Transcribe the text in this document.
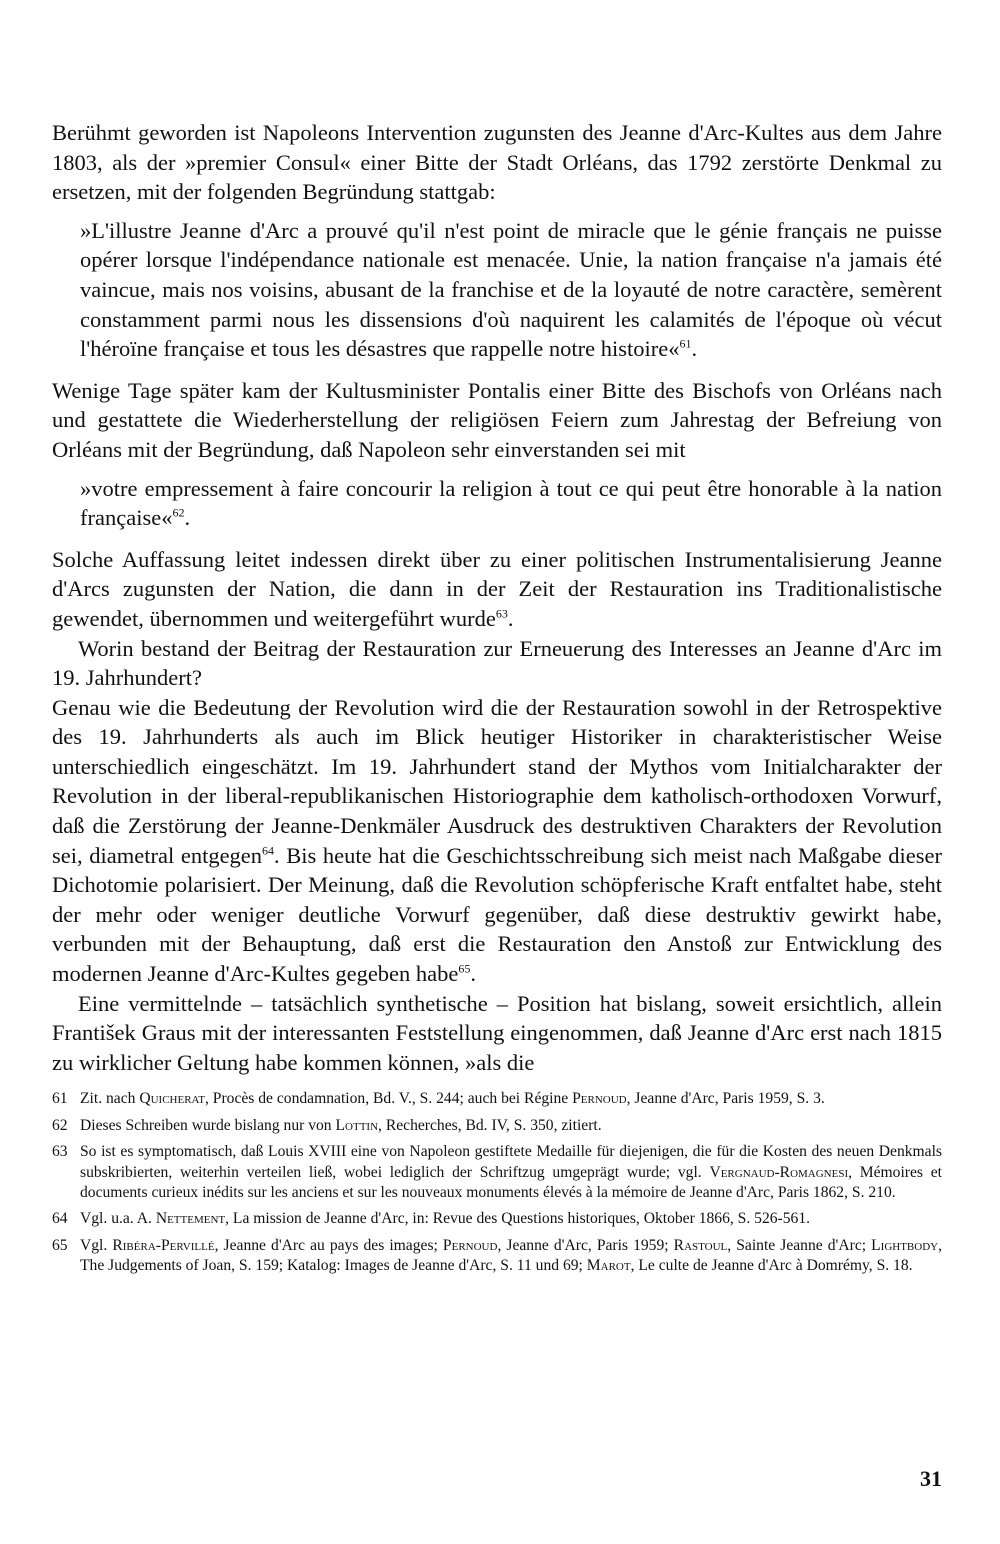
Berühmt geworden ist Napoleons Intervention zugunsten des Jeanne d'Arc-Kultes aus dem Jahre 1803, als der »premier Consul« einer Bitte der Stadt Orléans, das 1792 zerstörte Denkmal zu ersetzen, mit der folgenden Begründung stattgab:

»L'illustre Jeanne d'Arc a prouvé qu'il n'est point de miracle que le génie français ne puisse opérer lorsque l'indépendance nationale est menacée. Unie, la nation française n'a jamais été vaincue, mais nos voisins, abusant de la franchise et de la loyauté de notre caractère, semèrent constamment parmi nous les dissensions d'où naquirent les calamités de l'époque où vécut l'héroïne française et tous les désastres que rappelle notre histoire«$^{61}$.

Wenige Tage später kam der Kultusminister Pontalis einer Bitte des Bischofs von Orléans nach und gestattete die Wiederherstellung der religiösen Feiern zum Jahrestag der Befreiung von Orléans mit der Begründung, daß Napoleon sehr einverstanden sei mit

»votre empressement à faire concourir la religion à tout ce qui peut être honorable à la nation française«$^{62}$.

Solche Auffassung leitet indessen direkt über zu einer politischen Instrumentalisierung Jeanne d'Arcs zugunsten der Nation, die dann in der Zeit der Restauration ins Traditionalistische gewendet, übernommen und weitergeführt wurde$^{63}$.

Worin bestand der Beitrag der Restauration zur Erneuerung des Interesses an Jeanne d'Arc im 19. Jahrhundert?

Genau wie die Bedeutung der Revolution wird die der Restauration sowohl in der Retrospektive des 19. Jahrhunderts als auch im Blick heutiger Historiker in charakteristischer Weise unterschiedlich eingeschätzt. Im 19. Jahrhundert stand der Mythos vom Initialcharakter der Revolution in der liberal-republikanischen Historiographie dem katholisch-orthodoxen Vorwurf, daß die Zerstörung der Jeanne-Denkmäler Ausdruck des destruktiven Charakters der Revolution sei, diametral entgegen$^{64}$. Bis heute hat die Geschichtsschreibung sich meist nach Maßgabe dieser Dichotomie polarisiert. Der Meinung, daß die Revolution schöpferische Kraft entfaltet habe, steht der mehr oder weniger deutliche Vorwurf gegenüber, daß diese destruktiv gewirkt habe, verbunden mit der Behauptung, daß erst die Restauration den Anstoß zur Entwicklung des modernen Jeanne d'Arc-Kultes gegeben habe$^{65}$.

Eine vermittelnde – tatsächlich synthetische – Position hat bislang, soweit ersichtlich, allein František Graus mit der interessanten Feststellung eingenommen, daß Jeanne d'Arc erst nach 1815 zu wirklicher Geltung habe kommen können, »als die

61 Zit. nach Quicherat, Procès de condamnation, Bd. V., S. 244; auch bei Régine Pernoud, Jeanne d'Arc, Paris 1959, S. 3.
62 Dieses Schreiben wurde bislang nur von Lottin, Recherches, Bd. IV, S. 350, zitiert.
63 So ist es symptomatisch, daß Louis XVIII eine von Napoleon gestiftete Medaille für diejenigen, die für die Kosten des neuen Denkmals subskribierten, weiterhin verteilen ließ, wobei lediglich der Schriftzug umgeprägt wurde; vgl. Vergnaud-Romagnesi, Mémoires et documents curieux inédits sur les anciens et sur les nouveaux monuments élevés à la mémoire de Jeanne d'Arc, Paris 1862, S. 210.
64 Vgl. u.a. A. Nettement, La mission de Jeanne d'Arc, in: Revue des Questions historiques, Oktober 1866, S. 526-561.
65 Vgl. Ribéra-Pervillé, Jeanne d'Arc au pays des images; Pernoud, Jeanne d'Arc, Paris 1959; Rastoul, Sainte Jeanne d'Arc; Lightbody, The Judgements of Joan, S. 159; Katalog: Images de Jeanne d'Arc, S. 11 und 69; Marot, Le culte de Jeanne d'Arc à Domrémy, S. 18.
31
